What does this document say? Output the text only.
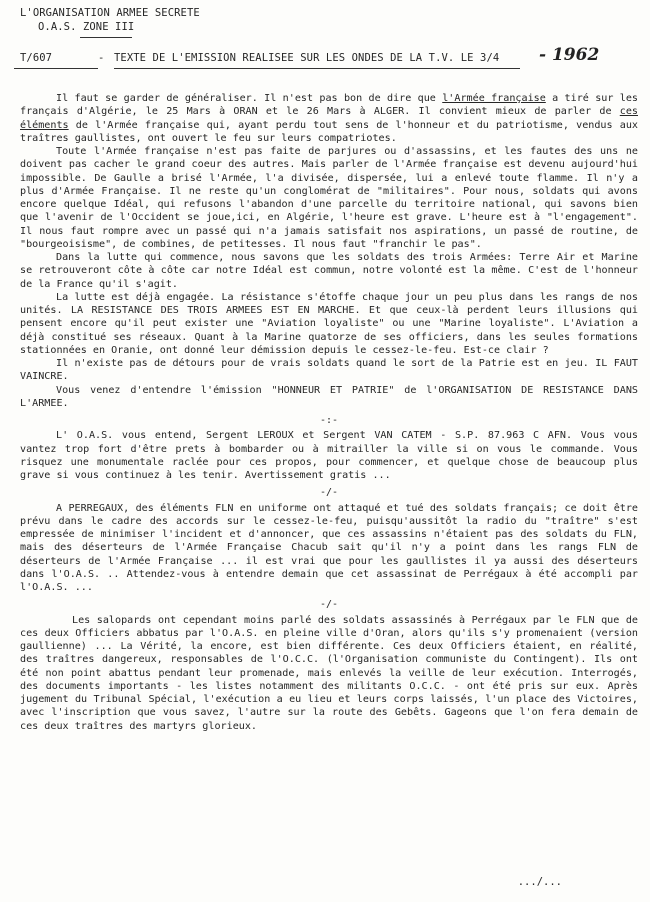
L'ORGANISATION ARMEE SECRETE
O.A.S. ZONE III
T/607	- TEXTE DE L'EMISSION REALISEE SUR LES ONDES DE LA T.V. LE 3/4 - 1962

Il faut se garder de généraliser. Il n'est pas bon de dire que l'Armée française a tiré sur les français d'Algérie, le 25 Mars à ORAN et le 26 Mars à ALGER. Il convient mieux de parler de ces éléments de l'Armée française qui, ayant perdu tout sens de l'honneur et du patriotisme, vendus aux traîtres gaullistes, ont ouvert le feu sur leurs compatriotes.

Toute l'Armée française n'est pas faite de parjures ou d'assassins, et les fautes des uns ne doivent pas cacher le grand coeur des autres. Mais parler de l'Armée française est devenu aujourd'hui impossible. De Gaulle a brisé l'Armée, l'a divisée, dispersée, lui a enlevé toute flamme. Il n'y a plus d'Armée Française. Il ne reste qu'un conglomérat de "militaires". Pour nous, soldats qui avons encore quelque Idéal, qui refusons l'abandon d'une parcelle du territoire national, qui savons bien que l'avenir de l'Occident se joue,ici, en Algérie, l'heure est grave. L'heure est à "l'engagement". Il nous faut rompre avec un passé qui n'a jamais satisfait nos aspirations, un passé de routine, de "bourgeoisisme", de combines, de petitesses. Il nous faut "franchir le pas".

Dans la lutte qui commence, nous savons que les soldats des trois Armées: Terre Air et Marine se retrouveront côte à côte car notre Idéal est commun, notre volonté est la même. C'est de l'honneur de la France qu'il s'agit.

La lutte est déjà engagée. La résistance s'étoffe chaque jour un peu plus dans les rangs de nos unités. LA RESISTANCE DES TROIS ARMEES EST EN MARCHE. Et que ceux-là perdent leurs illusions qui pensent encore qu'il peut exister une "Aviation loyaliste" ou une "Marine loyaliste". L'Aviation a déjà constitué ses réseaux. Quant à la Marine quatorze de ses officiers, dans les seules formations stationnées en Oranie, ont donné leur démission depuis le cessez-le-feu. Est-ce clair ?

Il n'existe pas de détours pour de vrais soldats quand le sort de la Patrie est en jeu. IL FAUT VAINCRE.

Vous venez d'entendre l'émission "HONNEUR ET PATRIE" de l'ORGANISATION DE RESISTANCE DANS L'ARMEE.

-:-

L' O.A.S. vous entend, Sergent LEROUX et Sergent VAN CATEM - S.P. 87.963 C AFN. Vous vous vantez trop fort d'être prets à bombarder ou à mitrailler la ville si on vous le commande. Vous risquez une monumentale raclée pour ces propos, pour commencer, et quelque chose de beaucoup plus grave si vous continuez à les tenir. Avertissement gratis ...

-/-

A PERREGAUX, des éléments FLN en uniforme ont attaqué et tué des soldats français; ce doit être prévu dans le cadre des accords sur le cessez-le-feu, puisqu'aussitôt la radio du "traître" s'est empressée de minimiser l'incident et d'annoncer, que ces assassins n'étaient pas des soldats du FLN, mais des déserteurs de l'Armée Française Chacub sait qu'il n'y a point dans les rangs FLN de déserteurs de l'Armée Française ... il est vrai que pour les gaullistes il ya aussi des déserteurs dans l'O.A.S. .. Attendez-vous à entendre demain que cet assassinat de Perrégaux à été accompli par l'O.A.S. ...

-/-

Les salopards ont cependant moins parlé des soldats assassinés à Perrégaux par le FLN que de ces deux Officiers abbatus par l'O.A.S. en pleine ville d'Oran, alors qu'ils s'y promenaient (version gaullienne) ... La Vérité, la encore, est bien différente. Ces deux Officiers étaient, en réalité, des traîtres dangereux, responsables de l'O.C.C. (l'Organisation communiste du Contingent). Ils ont été non point abattus pendant leur promenade, mais enlevés la veille de leur exécution. Interrogés, des documents importants - les listes notamment des militants O.C.C. - ont été pris sur eux. Après jugement du Tribunal Spécial, l'exécution a eu lieu et leurs corps laissés, l'un place des Victoires, avec l'inscription que vous savez, l'autre sur la route des Gebêts. Gageons que l'on fera demain de ces deux traîtres des martyrs glorieux.

.../...
